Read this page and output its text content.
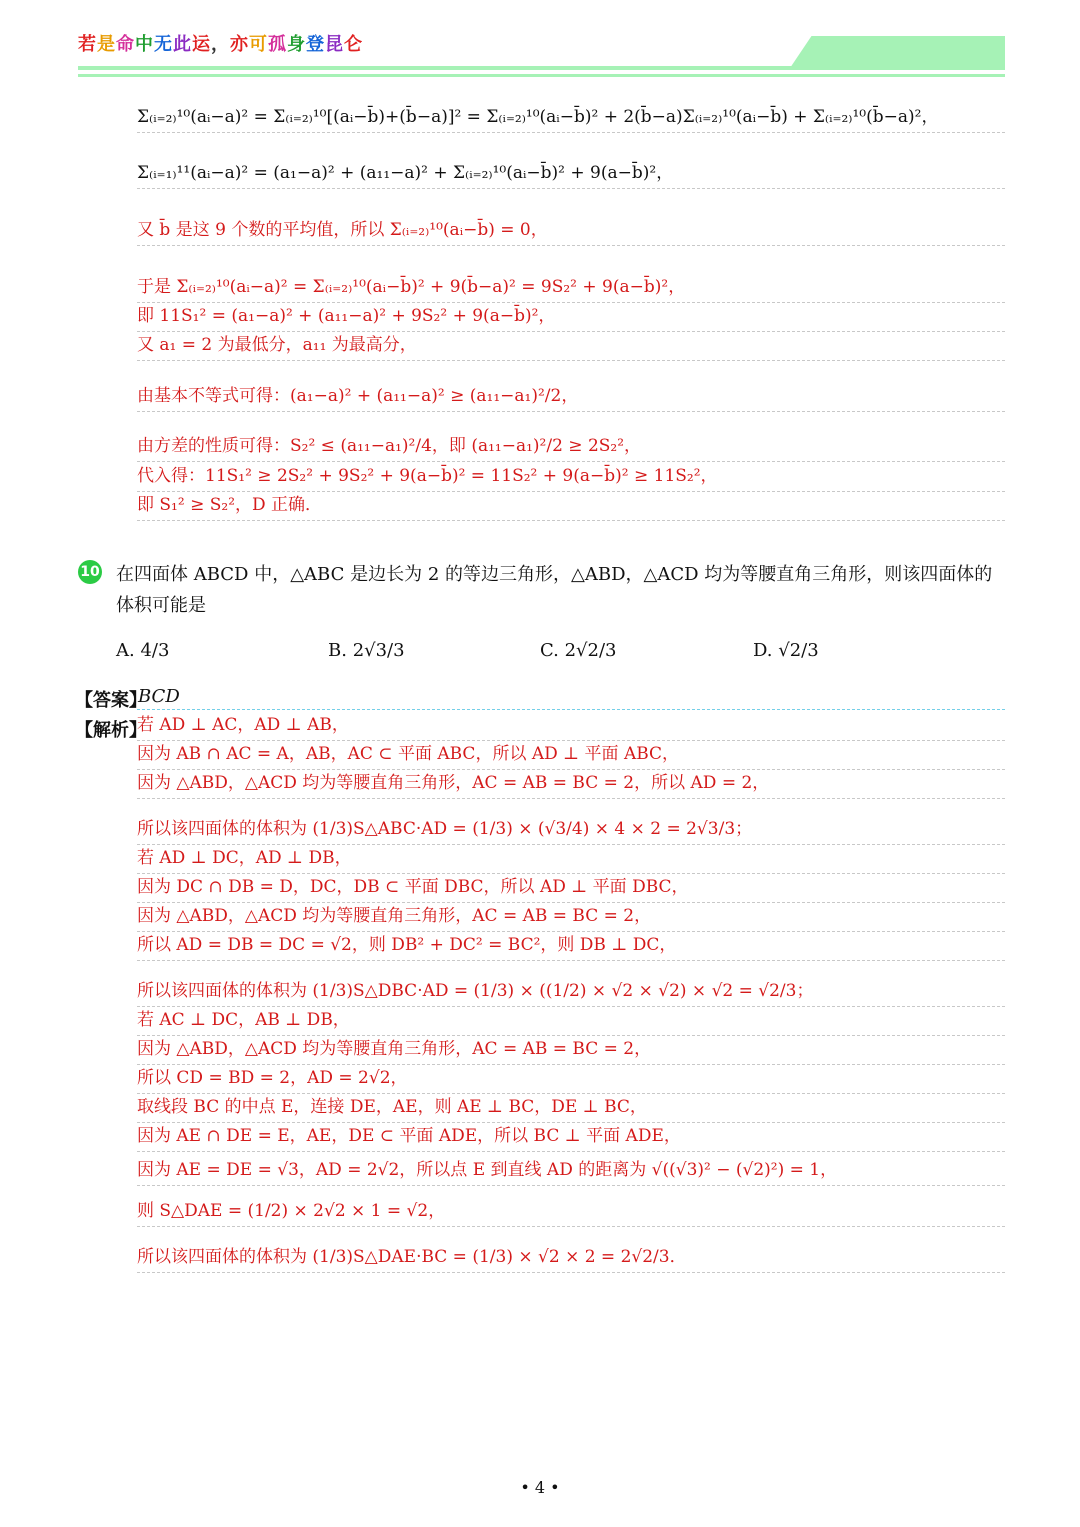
若是命中无此运，亦可孤身登昆仑
Σ₍ᵢ₌₂₎¹⁰(aᵢ−a)² = Σ₍ᵢ₌₂₎¹⁰[(aᵢ−b̄)+(b̄−a)]² = Σ₍ᵢ₌₂₎¹⁰(aᵢ−b̄)² + 2(b̄−a)Σ₍ᵢ₌₂₎¹⁰(aᵢ−b̄) + Σ₍ᵢ₌₂₎¹⁰(b̄−a)²，
Σ₍ᵢ₌₁₎¹¹(aᵢ−a)² = (a₁−a)² + (a₁₁−a)² + Σ₍ᵢ₌₂₎¹⁰(aᵢ−b̄)² + 9(a−b̄)²，
又 b̄ 是这 9 个数的平均值，所以 Σ₍ᵢ₌₂₎¹⁰(aᵢ−b̄) = 0，
于是 Σ₍ᵢ₌₂₎¹⁰(aᵢ−a)² = Σ₍ᵢ₌₂₎¹⁰(aᵢ−b̄)² + 9(b̄−a)² = 9S₂² + 9(a−b̄)²，
即 11S₁² = (a₁−a)² + (a₁₁−a)² + 9S₂² + 9(a−b̄)²，
又 a₁ = 2 为最低分，a₁₁ 为最高分，
由基本不等式可得：(a₁−a)² + (a₁₁−a)² ≥ (a₁₁−a₁)²/2，
由方差的性质可得：S₂² ≤ (a₁₁−a₁)²/4，即 (a₁₁−a₁)²/2 ≥ 2S₂²，
代入得：11S₁² ≥ 2S₂² + 9S₂² + 9(a−b̄)² = 11S₂² + 9(a−b̄)² ≥ 11S₂²，
即 S₁² ≥ S₂²，D 正确．
10 在四面体 ABCD 中，△ABC 是边长为 2 的等边三角形，△ABD，△ACD 均为等腰直角三角形，则该四面体的体积可能是
A. 4/3	B. 2√3/3	C. 2√2/3	D. √2/3
【答案】
BCD
【解析】
若 AD ⊥ AC，AD ⊥ AB，
因为 AB ∩ AC = A，AB，AC ⊂ 平面 ABC，所以 AD ⊥ 平面 ABC，
因为 △ABD，△ACD 均为等腰直角三角形，AC = AB = BC = 2，所以 AD = 2，
所以该四面体的体积为 (1/3)S△ABC·AD = (1/3) × (√3/4) × 4 × 2 = 2√3/3；
若 AD ⊥ DC，AD ⊥ DB，
因为 DC ∩ DB = D，DC，DB ⊂ 平面 DBC，所以 AD ⊥ 平面 DBC，
因为 △ABD，△ACD 均为等腰直角三角形，AC = AB = BC = 2，
所以 AD = DB = DC = √2，则 DB² + DC² = BC²，则 DB ⊥ DC，
所以该四面体的体积为 (1/3)S△DBC·AD = (1/3) × ((1/2) × √2 × √2) × √2 = √2/3；
若 AC ⊥ DC，AB ⊥ DB，
因为 △ABD，△ACD 均为等腰直角三角形，AC = AB = BC = 2，
所以 CD = BD = 2，AD = 2√2，
取线段 BC 的中点 E，连接 DE，AE，则 AE ⊥ BC，DE ⊥ BC，
因为 AE ∩ DE = E，AE，DE ⊂ 平面 ADE，所以 BC ⊥ 平面 ADE，
因为 AE = DE = √3，AD = 2√2，所以点 E 到直线 AD 的距离为 √((√3)² − (√2)²) = 1，
则 S△DAE = (1/2) × 2√2 × 1 = √2，
所以该四面体的体积为 (1/3)S△DAE·BC = (1/3) × √2 × 2 = 2√2/3．
• 4 •
